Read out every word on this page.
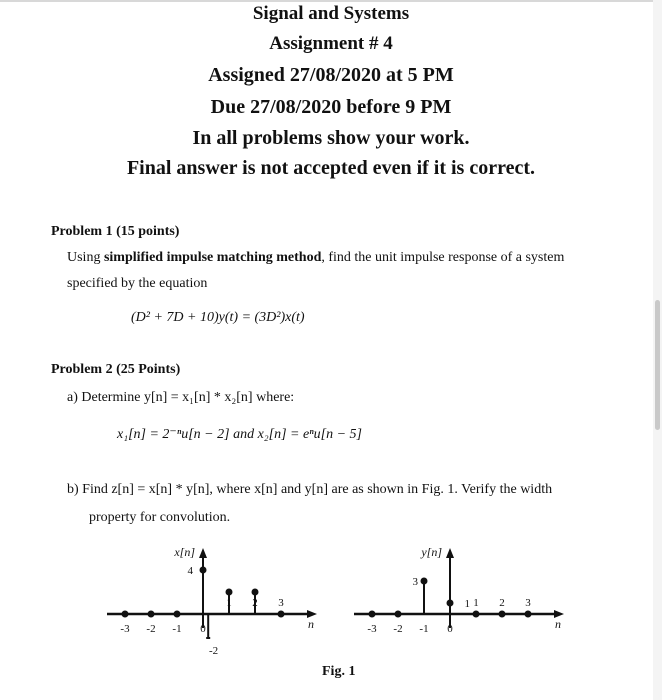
Signal and Systems
Assignment # 4
Assigned 27/08/2020 at 5 PM
Due 27/08/2020 before 9 PM
In all problems show your work.
Final answer is not accepted even if it is correct.
Problem 1 (15 points)
Using simplified impulse matching method, find the unit impulse response of a system
specified by the equation
(D² + 7D + 10)y(t) = (3D²)x(t)
Problem 2 (25 Points)
a) Determine y[n] = x₁[n] * x₂[n] where:
x₁[n] = 2⁻ⁿu[n − 2] and x₂[n] = eⁿu[n − 5]
b) Find z[n] = x[n] * y[n], where x[n] and y[n] are as shown in Fig. 1. Verify the width
property for convolution.
x[n]
n
-3 -2 -1 0
1 2 3
4
-2
y[n]
n
-3 -2 -1 0
1 2 3
3
1
Fig. 1
